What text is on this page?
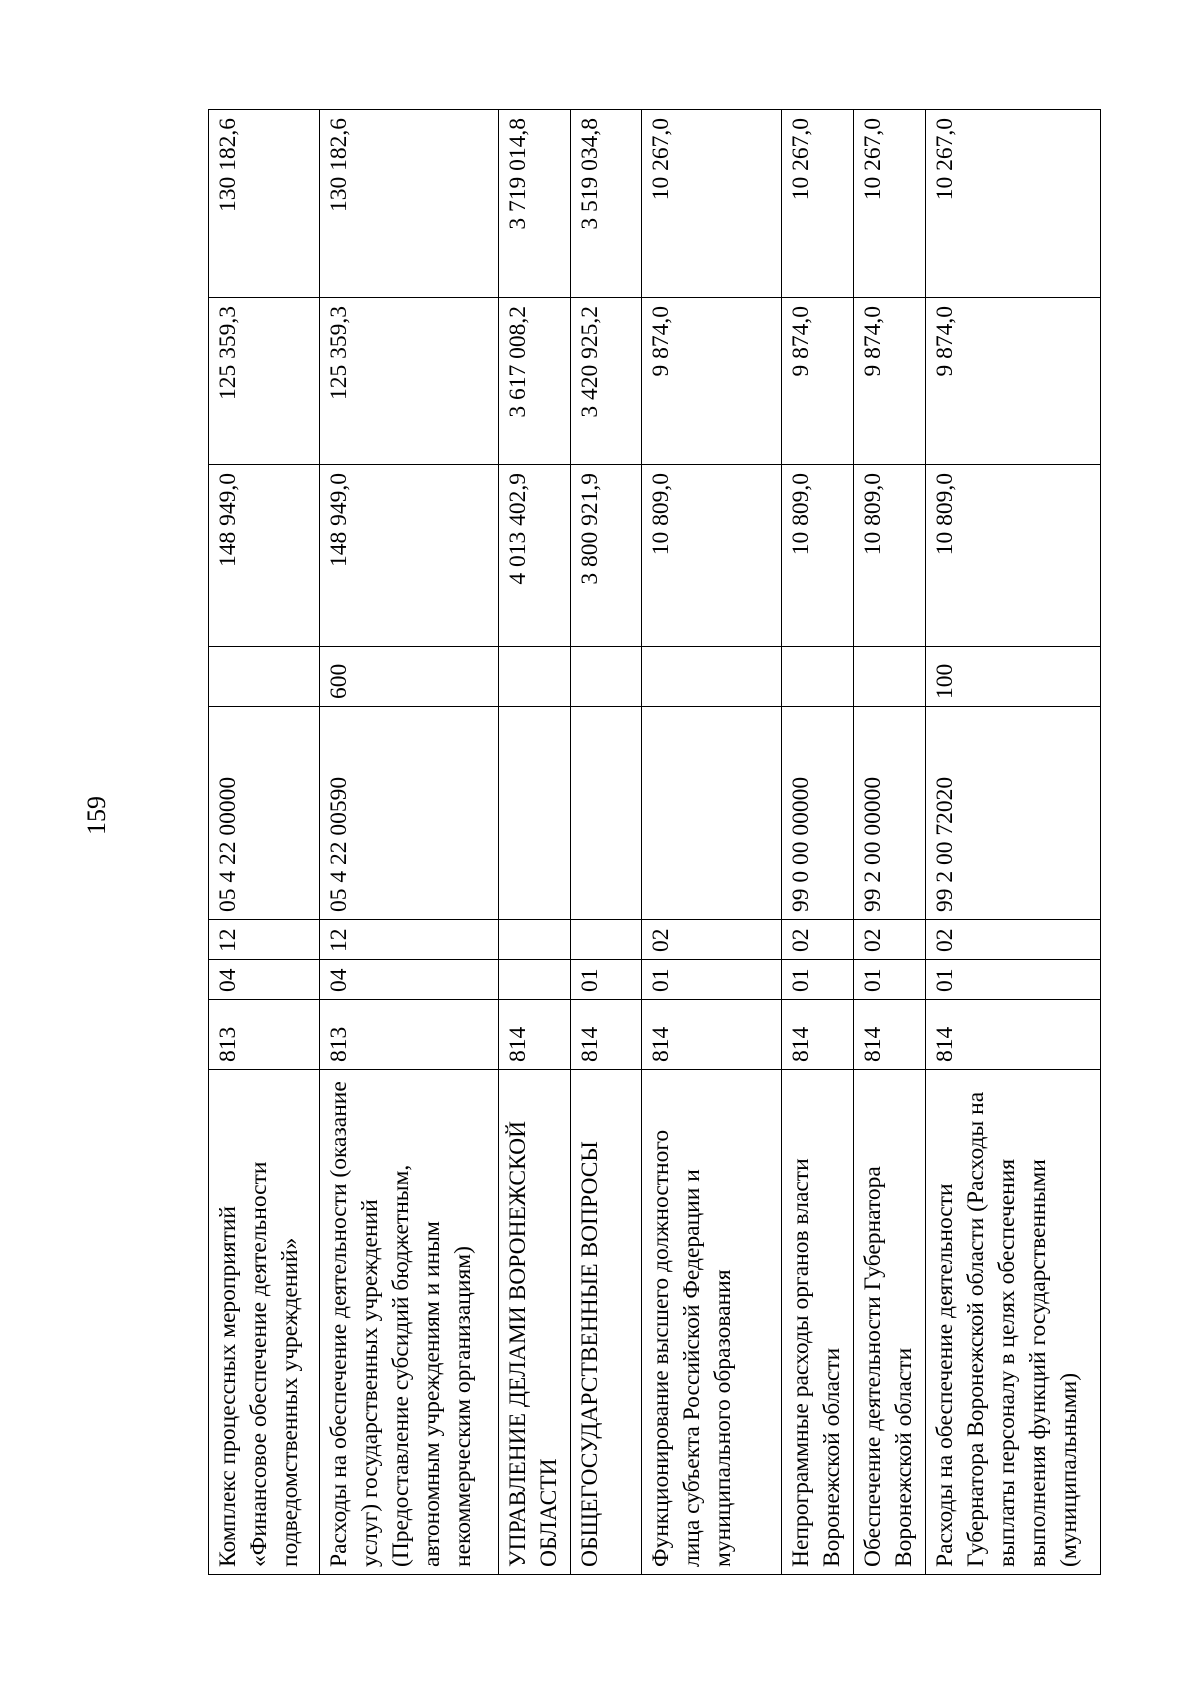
159
Комплекс процессных мероприятий «Финансовое обеспечение деятельности подведомственных учреждений»	813	04	12	05 4 22 00000		148 949,0	125 359,3	130 182,6
Расходы на обеспечение деятельности (оказание услуг) государственных учреждений (Предоставление субсидий бюджетным, автономным учреждениям и иным некоммерческим организациям)	813	04	12	05 4 22 00590	600	148 949,0	125 359,3	130 182,6
УПРАВЛЕНИЕ ДЕЛАМИ ВОРОНЕЖСКОЙ ОБЛАСТИ	814					4 013 402,9	3 617 008,2	3 719 014,8
ОБЩЕГОСУДАРСТВЕННЫЕ ВОПРОСЫ	814	01				3 800 921,9	3 420 925,2	3 519 034,8
Функционирование высшего должностного лица субъекта Российской Федерации и муниципального образования	814	01	02			10 809,0	9 874,0	10 267,0
Непрограммные расходы органов власти Воронежской области	814	01	02	99 0 00 00000		10 809,0	9 874,0	10 267,0
Обеспечение деятельности Губернатора Воронежской области	814	01	02	99 2 00 00000		10 809,0	9 874,0	10 267,0
Расходы на обеспечение деятельности Губернатора Воронежской области (Расходы на выплаты персоналу в целях обеспечения выполнения функций государственными (муниципальными)	814	01	02	99 2 00 72020	100	10 809,0	9 874,0	10 267,0
